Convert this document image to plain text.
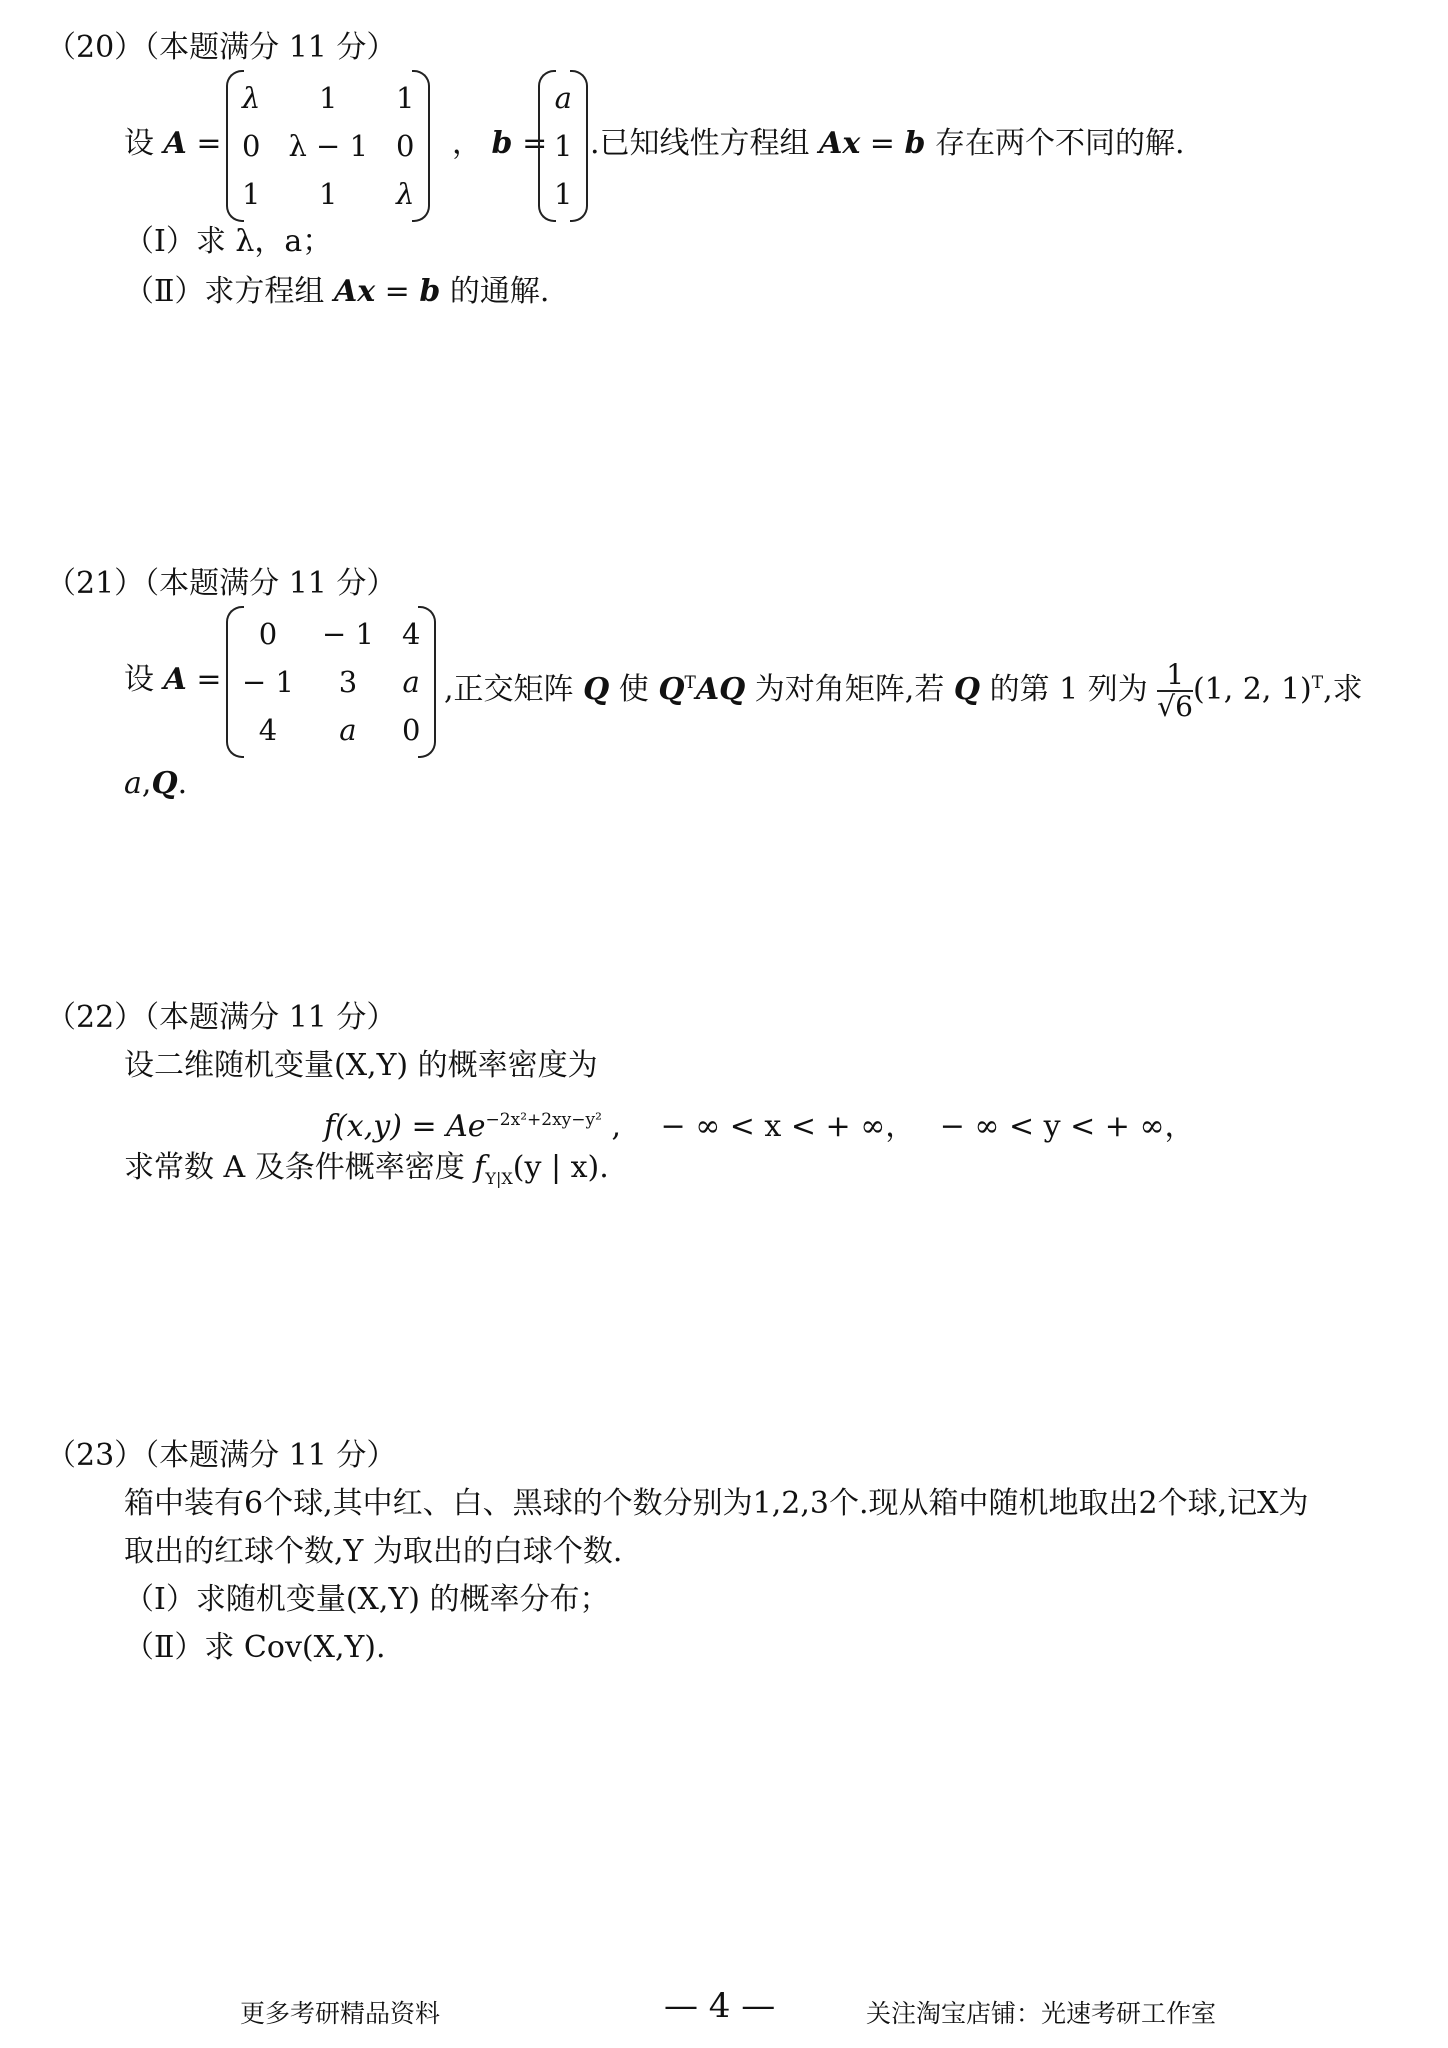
（20）（本题满分 11 分）
设 A =
λ	1	1
0	λ − 1	0
1	1	λ
， b =
a
1
1
.已知线性方程组 Ax = b 存在两个不同的解.
（Ⅰ）求 λ，a；
（Ⅱ）求方程组 Ax = b 的通解.
（21）（本题满分 11 分）
设 A =
0	− 1	4
− 1	3	a
4	a	0
,正交矩阵 Q 使 $Q^TAQ$ 为对角矩阵,若 Q 的第 1 列为 $\frac{1}{√6} (1$, 2, 1)$^T$,求
a,Q.
（22）（本题满分 11 分）
设二维随机变量(X,Y) 的概率密度为
$f(x,y) = Ae^{-2x^2+2xy-y^2}$ ,　 − ∞ < x < + ∞，　 − ∞ < y < + ∞，
求常数 A 及条件概率密度 $f_{Y|X}(y$ | x).
（23）（本题满分 11 分）
箱中装有6个球,其中红、白、黑球的个数分别为1,2,3个.现从箱中随机地取出2个球,记X为
取出的红球个数,Y 为取出的白球个数.
（Ⅰ）求随机变量(X,Y) 的概率分布；
（Ⅱ）求 Cov(X,Y).
更多考研精品资料	— 4 —	关注淘宝店铺：光速考研工作室
